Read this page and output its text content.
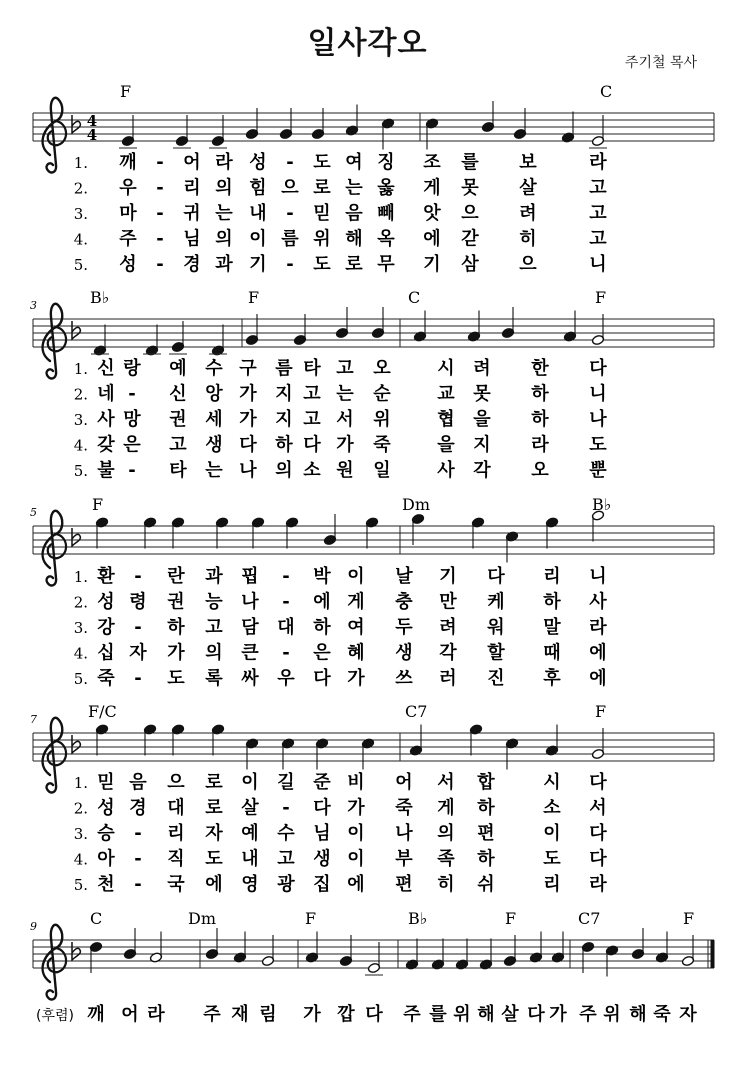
일사각오
주기철 목사
4
4
3
5
7
9
F	C
B♭	F	C	F
F	Dm	B♭
F/C	C7	F
C	Dm	F	B♭	F	C7	F
1. 깨 - 어 라 성 - 도 여 징 조 를 보	라
2. 우 - 리 의 힘 으 로 는 옳 게 못 살	고
3. 마 - 귀 는 내 - 믿 음 빼 앗 으 려	고
4. 주 - 님 의 이 름 위 해 옥 에 갇 히	고
5. 성 - 경 과 기 - 도 로 무 기 삼 으	니
1. 신 랑 예 수 구 름 타 고 오	시 려 한 다
2. 네 - 신 앙 가 지 고 는 순	교 못 하 니
3. 사 망 권 세 가 지 고 서 위	협 을 하 나
4. 갖 은 고 생 다 하 다 가 죽	을 지 라 도
5. 불 - 타 는 나 의 소 원 일	사 각 오 뿐
1. 환 - 란 과 핍 - 박 이 날 기 다 리 니
2. 성 령 권 능 나 - 에 게 충 만 케 하 사
3. 강 - 하 고 담 대 하 여 두 려 워 말 라
4. 십 자 가 의 큰 - 은 혜 생 각 할 때 에
5. 죽 - 도 록 싸 우 다 가 쓰 러 진 후 에
1. 믿 음 으 로 이 길 준 비 어 서 합	시 다
2. 성 경 대 로 살 - 다 가 죽 게 하	소 서
3. 승 - 리 자 예 수 님 이 나 의 편	이 다
4. 아 - 직 도 내 고 생 이 부 족 하	도 다
5. 천 - 국 에 영 광 집 에 편 히 쉬	리 라
(후렴) 깨 어 라 주 재 림 가 깝 다 주 를 위 해 살 다 가 주 위 해 죽 자
